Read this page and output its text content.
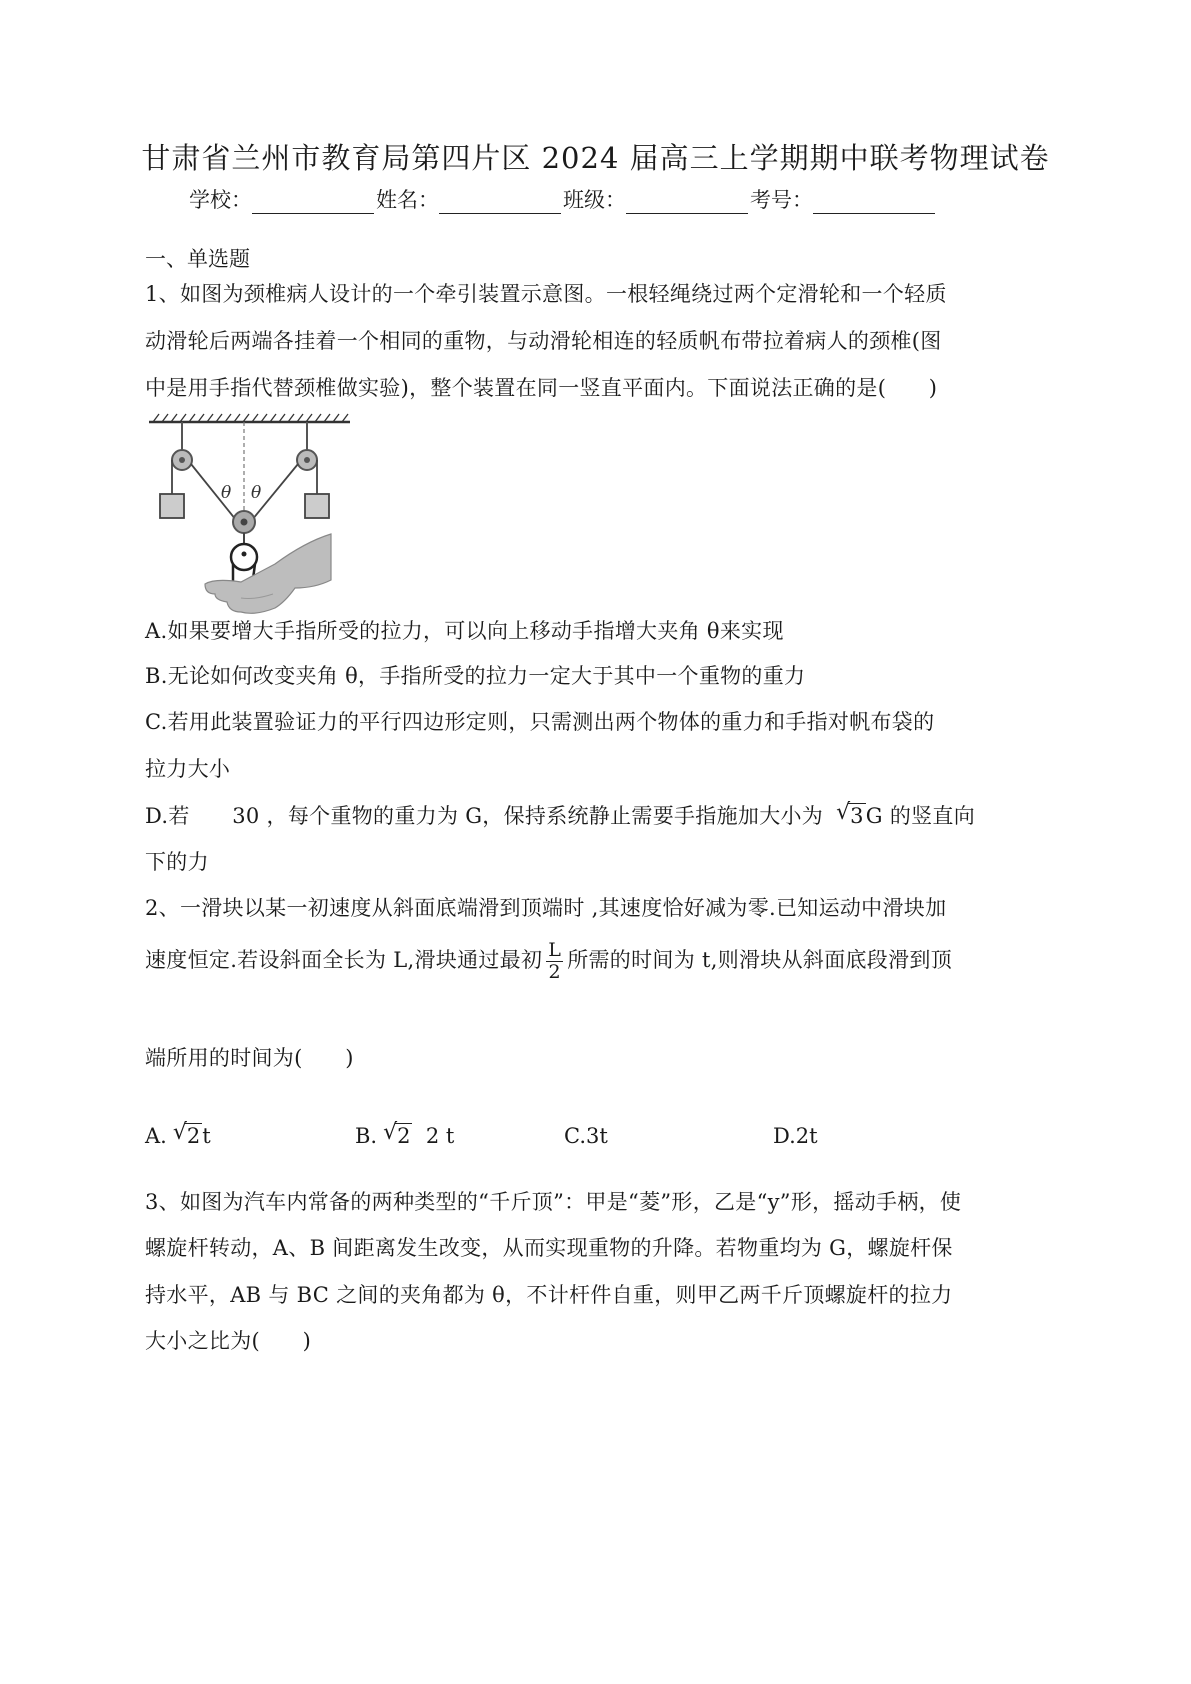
甘肃省兰州市教育局第四片区 2024 届高三上学期期中联考物理试卷
学校：	姓名：	班级：	考号：
一、单选题
1、如图为颈椎病人设计的一个牵引装置示意图。一根轻绳绕过两个定滑轮和一个轻质
动滑轮后两端各挂着一个相同的重物，与动滑轮相连的轻质帆布带拉着病人的颈椎(图
中是用手指代替颈椎做实验)，整个装置在同一竖直平面内。下面说法正确的是(　　)
θ θ
A.如果要增大手指所受的拉力，可以向上移动手指增大夹角 θ来实现
B.无论如何改变夹角 θ，手指所受的拉力一定大于其中一个重物的重力
C.若用此装置验证力的平行四边形定则，只需测出两个物体的重力和手指对帆布袋的
拉力大小
D.若　　30 ，每个重物的重力为 G，保持系统静止需要手指施加大小为 √ 3G 的竖直向
下的力
2、一滑块以某一初速度从斜面底端滑到顶端时 ,其速度恰好减为零.已知运动中滑块加
速度恒定.若设斜面全长为 L,滑块通过最初 $\frac{L}{2}$ 所需的时间为 t,则滑块从斜面底段滑到顶
端所用的时间为(　　)
A. √ 2t	B. √ 2 2 t	C.3t	D.2t
3、如图为汽车内常备的两种类型的“千斤顶”：甲是“菱”形，乙是“y”形，摇动手柄，使
螺旋杆转动，A、B 间距离发生改变，从而实现重物的升降。若物重均为 G，螺旋杆保
持水平，AB 与 BC 之间的夹角都为 θ，不计杆件自重，则甲乙两千斤顶螺旋杆的拉力
大小之比为(　　)
